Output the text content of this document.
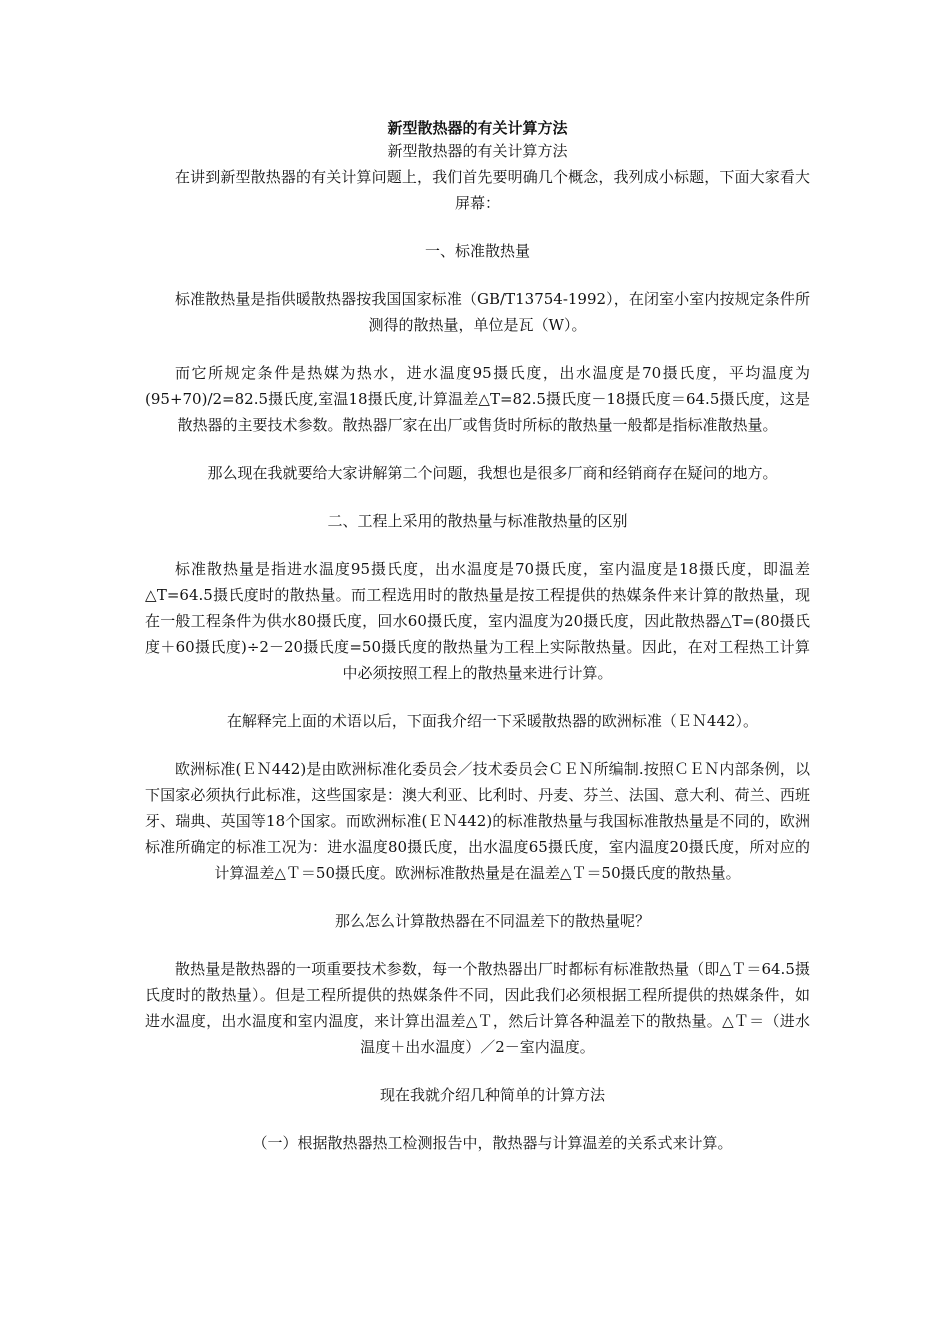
新型散热器的有关计算方法
新型散热器的有关计算方法

在讲到新型散热器的有关计算问题上，我们首先要明确几个概念，我列成小标题，下面大家看大屏幕：

一、标准散热量

标准散热量是指供暖散热器按我国国家标准（GB/T13754-1992），在闭室小室内按规定条件所测得的散热量，单位是瓦（W）。

而它所规定条件是热媒为热水，进水温度95摄氏度，出水温度是70摄氏度，平均温度为(95+70)/2=82.5摄氏度,室温18摄氏度,计算温差△T=82.5摄氏度－18摄氏度＝64.5摄氏度，这是散热器的主要技术参数。散热器厂家在出厂或售货时所标的散热量一般都是指标准散热量。

那么现在我就要给大家讲解第二个问题，我想也是很多厂商和经销商存在疑问的地方。

二、工程上采用的散热量与标准散热量的区别

标准散热量是指进水温度95摄氏度，出水温度是70摄氏度，室内温度是18摄氏度，即温差△T=64.5摄氏度时的散热量。而工程选用时的散热量是按工程提供的热媒条件来计算的散热量，现在一般工程条件为供水80摄氏度，回水60摄氏度，室内温度为20摄氏度，因此散热器△T=(80摄氏度＋60摄氏度)÷2－20摄氏度=50摄氏度的散热量为工程上实际散热量。因此，在对工程热工计算中必须按照工程上的散热量来进行计算。

在解释完上面的术语以后，下面我介绍一下采暖散热器的欧洲标准（ＥＮ442）。

欧洲标准(ＥＮ442)是由欧洲标准化委员会／技术委员会ＣＥＮ所编制.按照ＣＥＮ内部条例，以下国家必须执行此标准，这些国家是：澳大利亚、比利时、丹麦、芬兰、法国、意大利、荷兰、西班牙、瑞典、英国等18个国家。而欧洲标准(ＥＮ442)的标准散热量与我国标准散热量是不同的，欧洲标准所确定的标准工况为：进水温度80摄氏度，出水温度65摄氏度，室内温度20摄氏度，所对应的计算温差△Ｔ＝50摄氏度。欧洲标准散热量是在温差△Ｔ＝50摄氏度的散热量。

那么怎么计算散热器在不同温差下的散热量呢？

散热量是散热器的一项重要技术参数，每一个散热器出厂时都标有标准散热量（即△Ｔ＝64.5摄氏度时的散热量）。但是工程所提供的热媒条件不同，因此我们必须根据工程所提供的热媒条件，如进水温度，出水温度和室内温度，来计算出温差△Ｔ，然后计算各种温差下的散热量。△Ｔ＝（进水温度＋出水温度）／2－室内温度。

现在我就介绍几种简单的计算方法

（一）根据散热器热工检测报告中，散热器与计算温差的关系式来计算。
